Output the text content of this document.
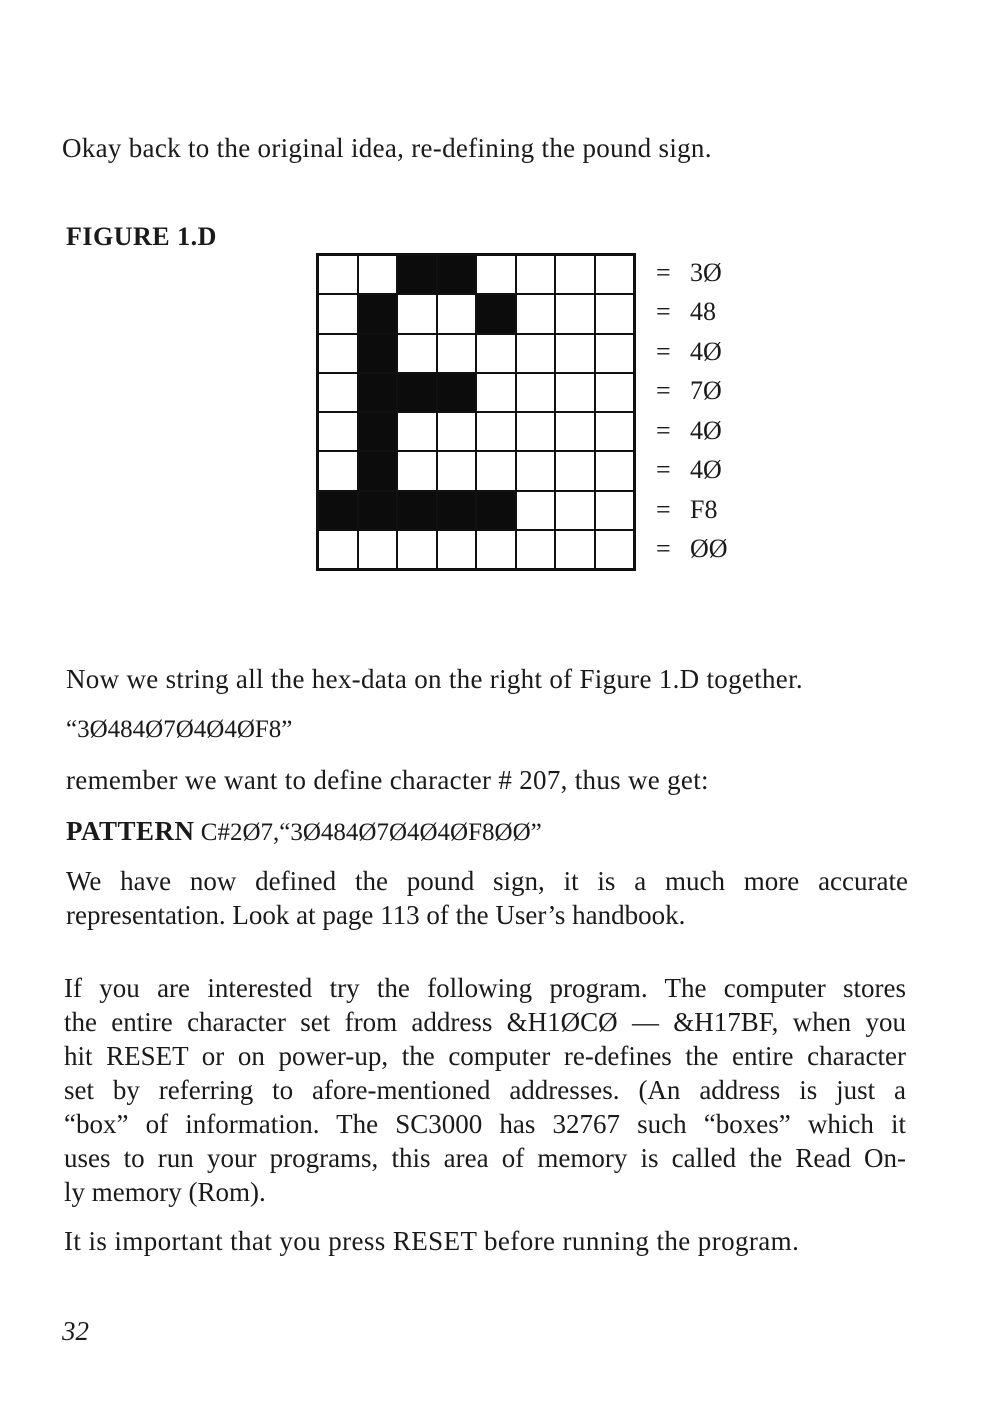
Okay back to the original idea, re-defining the pound sign.

FIGURE 1.D
= 3Ø
= 48
= 4Ø
= 7Ø
= 4Ø
= 4Ø
= F8
= ØØ

Now we string all the hex-data on the right of Figure 1.D together.

“3Ø484Ø7Ø4Ø4ØF8”

remember we want to define character # 207, thus we get:

PATTERN C#2Ø7,“3Ø484Ø7Ø4Ø4ØF8ØØ”

We have now defined the pound sign, it is a much more accurate
representation. Look at page 113 of the User’s handbook.
If you are interested try the following program. The computer stores
the entire character set from address &H1ØCØ — &H17BF, when you
hit RESET or on power-up, the computer re-defines the entire character
set by referring to afore-mentioned addresses. (An address is just a
“box” of information. The SC3000 has 32767 such “boxes” which it
uses to run your programs, this area of memory is called the Read On-
ly memory (Rom).

It is important that you press RESET before running the program.

32
